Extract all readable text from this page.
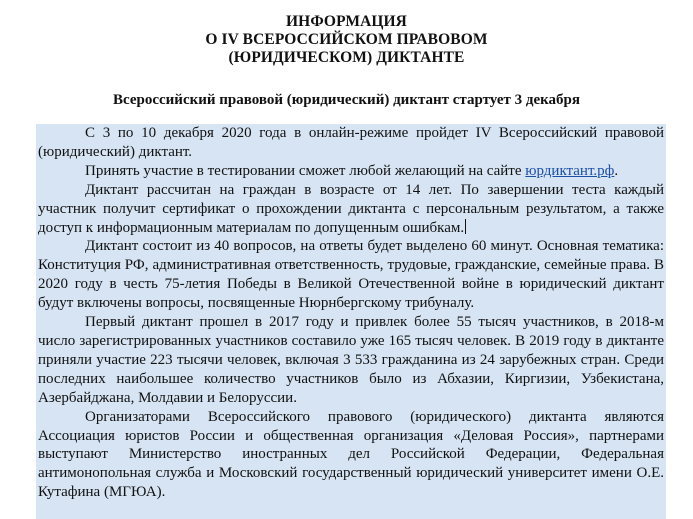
ИНФОРМАЦИЯ
О IV ВСЕРОССИЙСКОМ ПРАВОВОМ
(ЮРИДИЧЕСКОМ) ДИКТАНТЕ
Всероссийский правовой (юридический) диктант стартует 3 декабря

С 3 по 10 декабря 2020 года в онлайн-режиме пройдет IV Всероссийский правовой (юридический) диктант.

Принять участие в тестировании сможет любой желающий на сайте юрдиктант.рф.

Диктант рассчитан на граждан в возрасте от 14 лет. По завершении теста каждый участник получит сертификат о прохождении диктанта с персональным результатом, а также доступ к информационным материалам по допущенным ошибкам.

Диктант состоит из 40 вопросов, на ответы будет выделено 60 минут. Основная тематика: Конституция РФ, административная ответственность, трудовые, гражданские, семейные права. В 2020 году в честь 75-летия Победы в Великой Отечественной войне в юридический диктант будут включены вопросы, посвященные Нюрнбергскому трибуналу.

Первый диктант прошел в 2017 году и привлек более 55 тысяч участников, в 2018-м число зарегистрированных участников составило уже 165 тысяч человек. В 2019 году в диктанте приняли участие 223 тысячи человек, включая 3 533 гражданина из 24 зарубежных стран. Среди последних наибольшее количество участников было из Абхазии, Киргизии, Узбекистана, Азербайджана, Молдавии и Белоруссии.

Организаторами Всероссийского правового (юридического) диктанта являются Ассоциация юристов России и общественная организация «Деловая Россия», партнерами выступают Министерство иностранных дел Российской Федерации, Федеральная антимонопольная служба и Московский государственный юридический университет имени О.Е. Кутафина (МГЮА).
